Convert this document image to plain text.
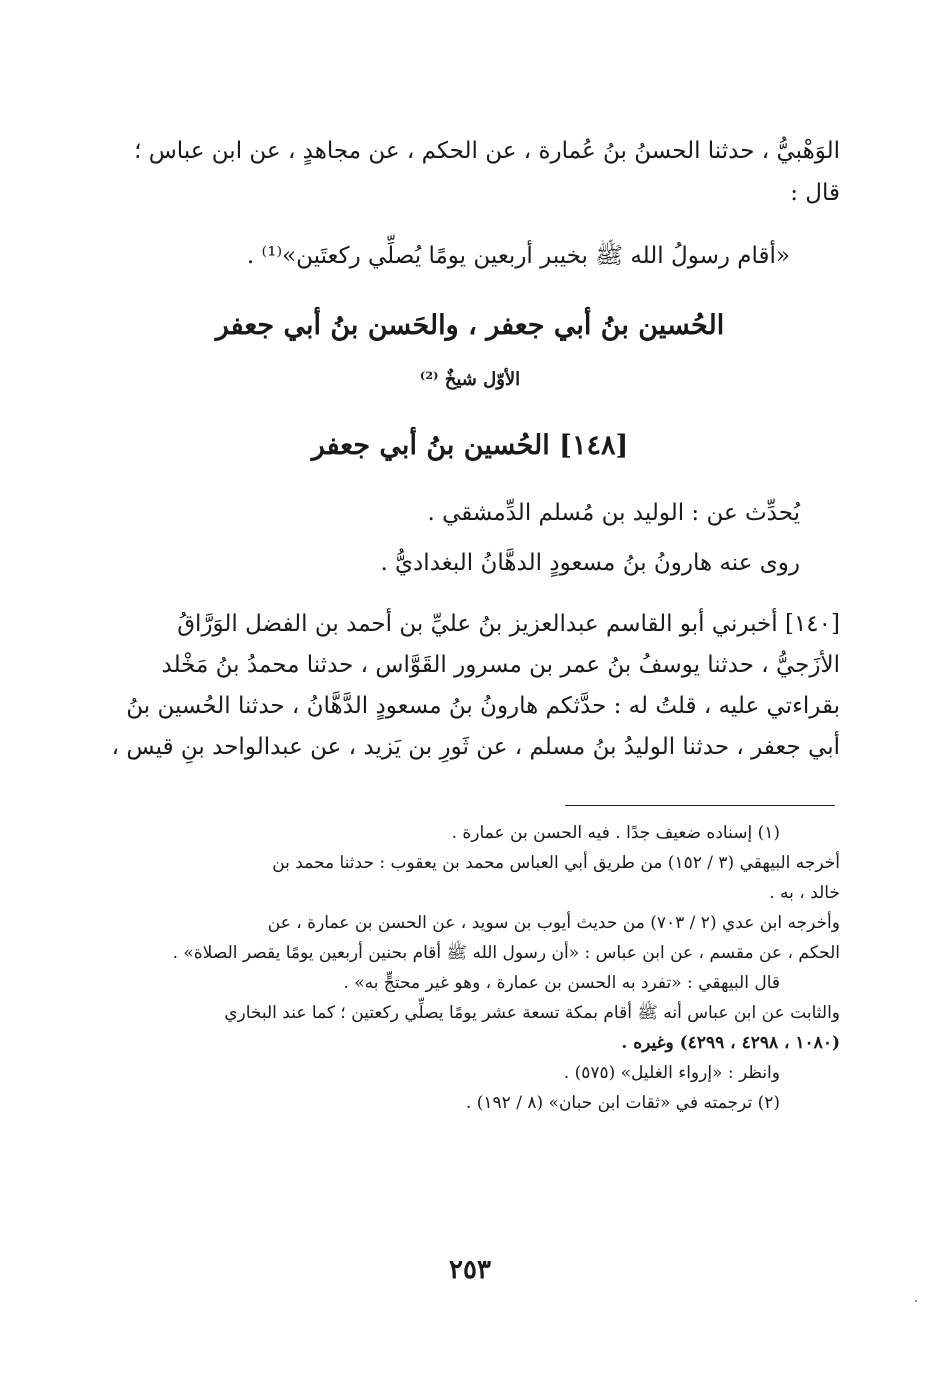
الوَهْبيُّ ، حدثنا الحسنُ بنُ عُمارة ، عن الحكم ، عن مجاهدٍ ، عن ابن عباس ؛
قال :
«أقام رسولُ الله ﷺ بخيبر أربعين يومًا يُصلِّي ركعتَين»⁽¹⁾ .
الحُسين بنُ أبي جعفر ، والحَسن بنُ أبي جعفر
الأوّل شيخٌ ⁽²⁾
[١٤٨] الحُسين بنُ أبي جعفر
يُحدِّث عن : الوليد بن مُسلم الدِّمشقي .
روى عنه هارونُ بنُ مسعودٍ الدهَّانُ البغداديُّ .
[١٤٠] أخبرني أبو القاسم عبدالعزيز بنُ عليِّ بن أحمد بن الفضل الوَرَّاقُ
الأزَجيُّ ، حدثنا يوسفُ بنُ عمر بن مسرور القَوَّاس ، حدثنا محمدُ بنُ مَخْلد
بقراءتي عليه ، قلتُ له : حدَّثكم هارونُ بنُ مسعودٍ الدَّهَّانُ ، حدثنا الحُسين بنُ
أبي جعفر ، حدثنا الوليدُ بنُ مسلم ، عن ثَورِ بن يَزيد ، عن عبدالواحد بنِ قيس ،
(١) إسناده ضعيف جدًا . فيه الحسن بن عمارة .
أخرجه البيهقي (٣ / ١٥٢) من طريق أبي العباس محمد بن يعقوب : حدثنا محمد بن
خالد ، به .
وأخرجه ابن عدي (٢ / ٧٠٣) من حديث أيوب بن سويد ، عن الحسن بن عمارة ، عن
الحكم ، عن مقسم ، عن ابن عباس : «أن رسول الله ﷺ أقام بحنين أربعين يومًا يقصر الصلاة» .
قال البيهقي : «تفرد به الحسن بن عمارة ، وهو غير محتجٍّ به» .
والثابت عن ابن عباس أنه ﷺ أقام بمكة تسعة عشر يومًا يصلِّي ركعتين ؛ كما عند البخاري
(١٠٨٠ ، ٤٢٩٨ ، ٤٢٩٩) وغيره .
وانظر : «إرواء الغليل» (٥٧٥) .
(٢) ترجمته في «ثقات ابن حبان» (٨ / ١٩٢) .
٢٥٣
